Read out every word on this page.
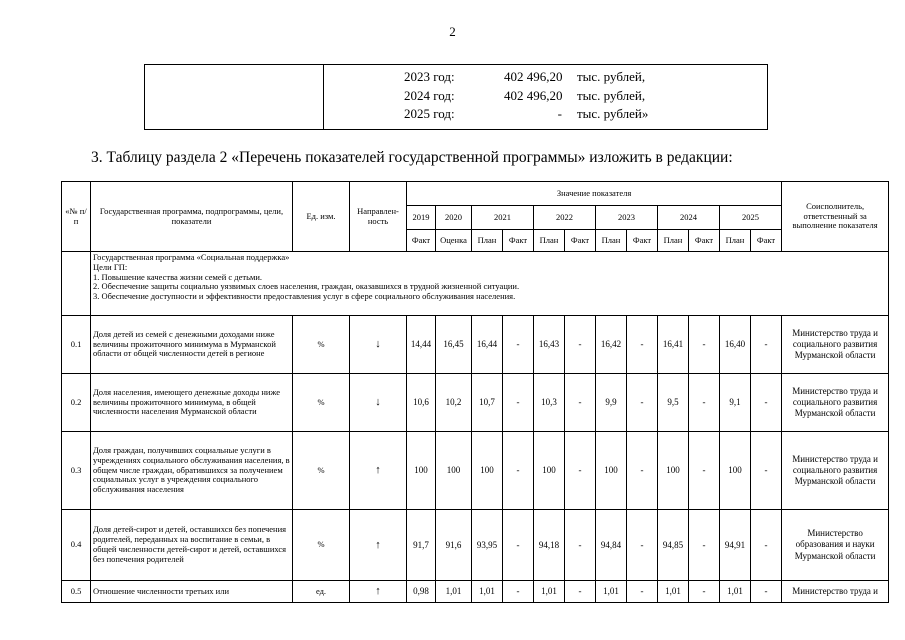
2
2023 год:	402 496,20 тыс. рублей,
2024 год:	402 496,20 тыс. рублей,
2025 год:	- тыс. рублей»
3. Таблицу раздела 2 «Перечень показателей государственной программы» изложить в редакции:
«№ п/п	Государственная программа, подпрограммы, цели, показатели	Ед. изм.	Направлен-ность	Значение показателя												Соисполнитель, ответственный за выполнение показателя
				2019	2020	2021		2022		2023		2024		2025		
				Факт	Оценка	План	Факт	План	Факт	План	Факт	План	Факт	План	Факт	

	Государственная программа «Социальная поддержка»
Цели ГП:
1. Повышение качества жизни семей с детьми.
2. Обеспечение защиты социально уязвимых слоев населения, граждан, оказавшихся в трудной жизненной ситуации.
3. Обеспечение доступности и эффективности предоставления услуг в сфере социального обслуживания населения.															

0.1	Доля детей из семей с денежными доходами ниже величины прожиточного минимума в Мурманской области от общей численности детей в регионе	%	↓	14,44	16,45	16,44	-	16,43	-	16,42	-	16,41	-	16,40	-	Министерство труда и социального развития Мурманской области
0.2	Доля населения, имеющего денежные доходы ниже величины прожиточного минимума, в общей численности населения Мурманской области	%	↓	10,6	10,2	10,7	-	10,3	-	9,9	-	9,5	-	9,1	-	Министерство труда и социального развития Мурманской области
0.3	Доля граждан, получивших социальные услуги в учреждениях социального обслуживания населения, в общем числе граждан, обратившихся за получением социальных услуг в учреждения социального обслуживания населения	%	↑	100	100	100	-	100	-	100	-	100	-	100	-	Министерство труда и социального развития Мурманской области
0.4	Доля детей-сирот и детей, оставшихся без попечения родителей, переданных на воспитание в семьи, в общей численности детей-сирот и детей, оставшихся без попечения родителей	%	↑	91,7	91,6	93,95	-	94,18	-	94,84	-	94,85	-	94,91	-	Министерство образования и науки Мурманской области
0.5	Отношение численности третьих или	ед.	↑	0,98	1,01	1,01	-	1,01	-	1,01	-	1,01	-	1,01	-	Министерство труда и
